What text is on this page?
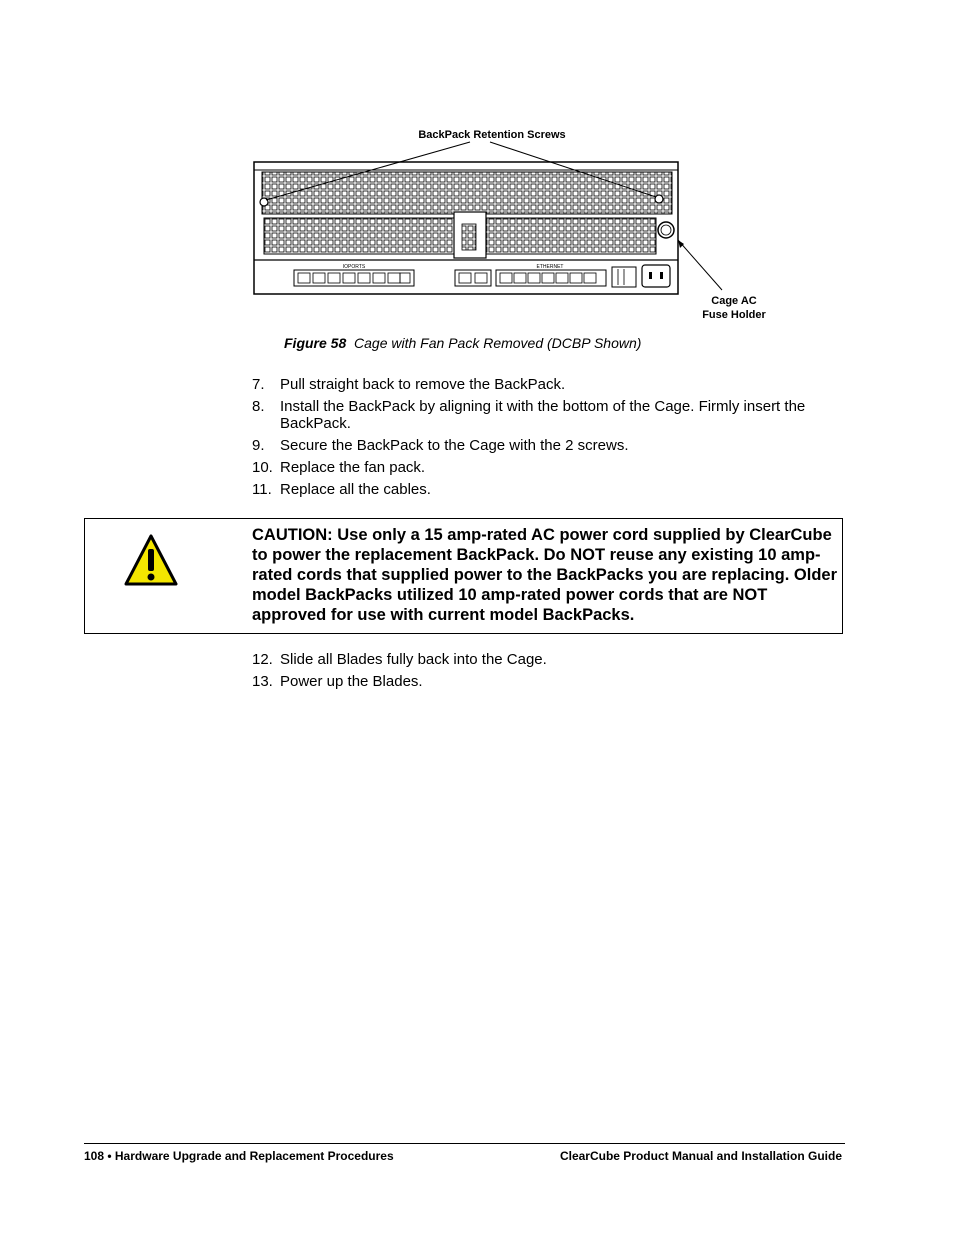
IOPORTS	ETHERNET
BackPack Retention Screws
Cage AC
Fuse Holder
Figure 58 Cage with Fan Pack Removed (DCBP Shown)
7. Pull straight back to remove the BackPack.
8. Install the BackPack by aligning it with the bottom of the Cage. Firmly insert the BackPack.
9. Secure the BackPack to the Cage with the 2 screws.
10. Replace the fan pack.
11. Replace all the cables.
CAUTION: Use only a 15 amp-rated AC power cord supplied by ClearCube to power the replacement BackPack. Do NOT reuse any existing 10 amp-rated cords that supplied power to the BackPacks you are replacing. Older model BackPacks utilized 10 amp-rated power cords that are NOT approved for use with current model BackPacks.
12. Slide all Blades fully back into the Cage.
13. Power up the Blades.
108 • Hardware Upgrade and Replacement Procedures	ClearCube Product Manual and Installation Guide
